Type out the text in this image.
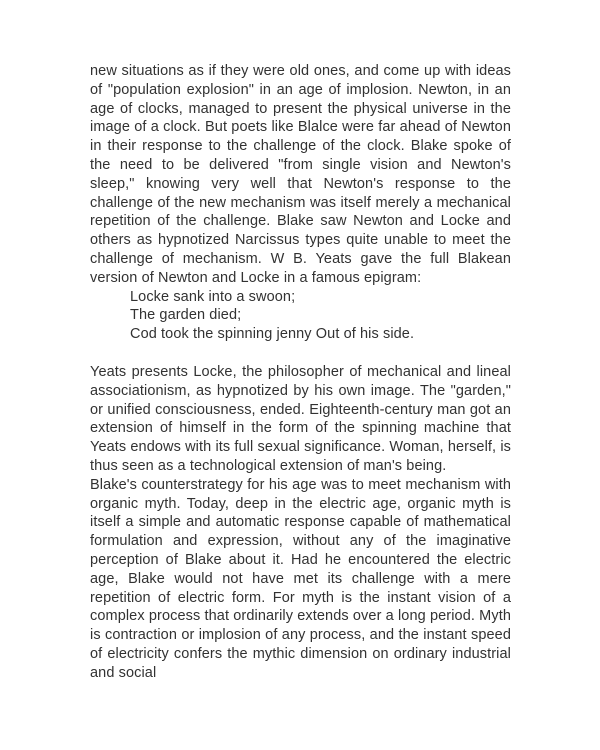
new situations as if they were old ones, and come up with ideas of "population explosion" in an age of implosion. Newton, in an age of clocks, managed to present the physical universe in the image of a clock. But poets like Blalce were far ahead of Newton in their response to the challenge of the clock. Blake spoke of the need to be delivered "from single vision and Newton's sleep," knowing very well that Newton's response to the challenge of the new mechanism was itself merely a mechanical repetition of the challenge. Blake saw Newton and Locke and others as hypnotized Narcissus types quite unable to meet the challenge of mechanism. W B. Yeats gave the full Blakean version of Newton and Locke in a famous epigram:

Locke sank into a swoon;
The garden died;
Cod took the spinning jenny Out of his side.

Yeats presents Locke, the philosopher of mechanical and lineal associationism, as hypnotized by his own image. The "garden," or unified consciousness, ended. Eighteenth-century man got an extension of himself in the form of the spinning machine that Yeats endows with its full sexual significance. Woman, herself, is thus seen as a technological extension of man's being.

Blake's counterstrategy for his age was to meet mechanism with organic myth. Today, deep in the electric age, organic myth is itself a simple and automatic response capable of mathematical formulation and expression, without any of the imaginative perception of Blake about it. Had he encountered the electric age, Blake would not have met its challenge with a mere repetition of electric form. For myth is the instant vision of a complex process that ordinarily extends over a long period. Myth is contraction or implosion of any process, and the instant speed of electricity confers the mythic dimension on ordinary industrial and social
